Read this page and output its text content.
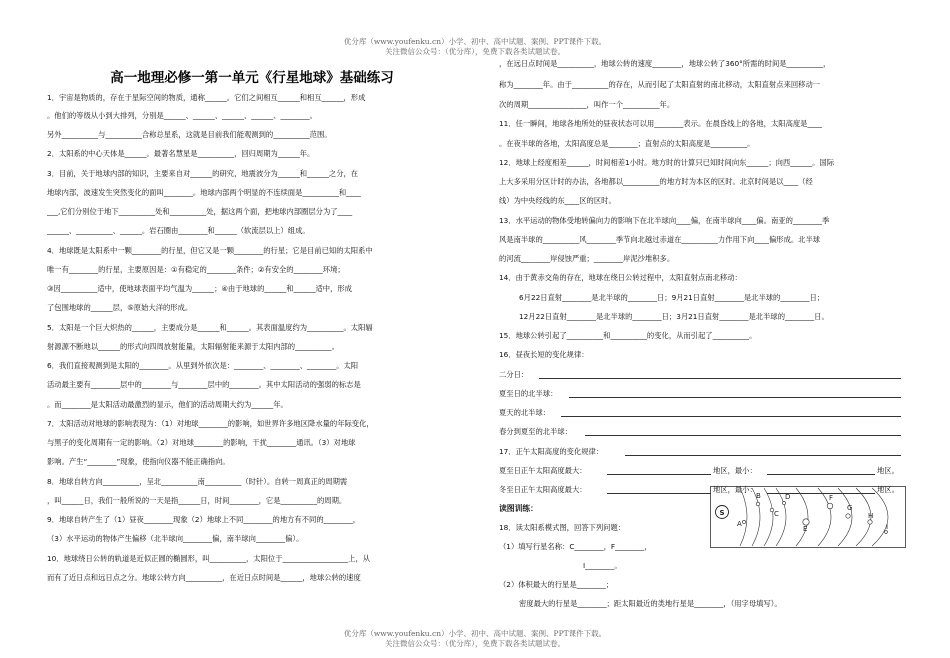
优分库（www.youfenku.cn）小学、初中、高中试题、案例、PPT课件下载。
关注微信公众号：（优分库），免费下载各类试题试卷。
高一地理必修一第一单元《行星地球》基础练习
1．宇宙是物质的，存在于星际空间的物质，通称______。它们之间相互______和相互______，形成
。他们的等级从小到大排列，分别是______、______、______、______、________。
另外__________与__________合称总星系，这就是目前我们能观测到的__________范围。
2．太阳系的中心天体是______。最著名慧星是__________，回归周期为______年。
3．目前，关于地球内部的知识，主要来自对______的研究，地震波分为______和______之分，在
地球内部，波速发生突然变化的面叫________。地球内部两个明显的不连续面是__________和____
___,它们分别位于地下__________处和__________处，据这两个面，把地球内部圈层分为了____
______、__________、______。岩石圈由________和______（软流层以上）组成。
4．地球既是太阳系中一颗________的行星，但它又是一颗________的行星；它是目前已知的太阳系中
唯一有________的行星，主要原因是：①有稳定的________条件；②有安全的________环境；
③因__________适中，使地球表面平均气温为______；④由于地球的______和______适中，形成
了包围地球的______层，⑤原始大洋的形成。
5．太阳是一个巨大炽热的______，主要成分是______和______。其表面温度约为__________。太阳辐
射源源不断地以______的形式向四周放射能量，太阳辐射能来源于太阳内部的__________。
6．我们直接观测到是太阳的________。从里到外依次是：________、________、________。太阳
活动最主要有________层中的________与________层中的________。其中太阳活动的强弱的标志是
。而________是太阳活动最激烈的显示，他们的活动周期大约为______年。
7．太阳活动对地球的影响表现为：（1）对地球________的影响，如世界许多地区降水量的年际变化，
与黑子的变化周期有一定的影响。（2）对地球________的影响，干扰________通讯。（3）对地球
影响。产生“________”现象，使指向仪器不能正确指向。
8．地球自转方向__________，呈北__________南__________（时针）。自转一周真正的周期需
，叫______日，我们一般所说的一天是指______日，时间________，它是__________的周期。
9．地球自转产生了（1）昼夜________现象（2）地球上不同________的地方有不同的________，
（3）水平运动的物体产生偏移（北半球向________偏，南半球向________偏）。
10．地球绕日公转的轨道是近似正圆的椭圆形，叫__________，太阳位于__________________上，从
而有了近日点和远日点之分。地球公转方向__________，在近日点时间是______，地球公转的速度
，在远日点时间是__________，地球公转的速度________，地球公转了360°所需的时间是__________，
称为________年。由于__________的存在，从而引起了太阳直射的南北移动，太阳直射点来回移动一
次的周期________________，叫作一个__________年。
11．任一瞬间，地球各地所处的昼夜状态可以用________表示。在晨昏线上的各地，太阳高度是____
。在夜半球的各地，太阳高度总是________；直射点的太阳高度是__________。
12．地球上经度相差______，时间相差1小时。地方时的计算只已知时间向东______；向西______。国际
上大多采用分区计时的办法，各地都以__________的地方时为本区的区时。北京时间是以____（经
线）为中央经线的东____区的区时。
13．水平运动的物体受地转偏向力的影响下在北半球向____偏，在南半球向____偏。南亚的________季
风是南半球的__________风________季节向北越过赤道在__________力作用下向____偏形成。北半球
的河流________岸侵蚀严重；________岸泥沙堆积多。
14．由于黄赤交角的存在，地球在绕日公转过程中，太阳直射点南北移动：
6月22日直射________是北半球的________日；9月21日直射________是北半球的________日；
12月22日直射________是北半球的________日；3月21日直射________是北半球的________日。
15．地球公转引起了__________和__________的变化，从而引起了__________。
16．昼夜长短的变化规律：
二分日：
夏至日的北半球：
夏天的北半球：
春分到夏至的北半球：
17．正午太阳高度的变化规律：
夏至日正午太阳高度最大：	地区，最小：	地区。
冬至日正午太阳高度最大：	地区，最小：	地区。
读图训练：
18．读太阳系模式图，回答下列问题：
（1）填写行星名称：C________，F________，
I________。
（2）体积最大的行星是________；
密度最大的行星是________；距太阳最近的类地行星是________，（用字母填写）。
S
A
B
C
D
E
F
G
H
I
优分库（www.youfenku.cn）小学、初中、高中试题、案例、PPT课件下载。
关注微信公众号：（优分库），免费下载各类试题试卷。
